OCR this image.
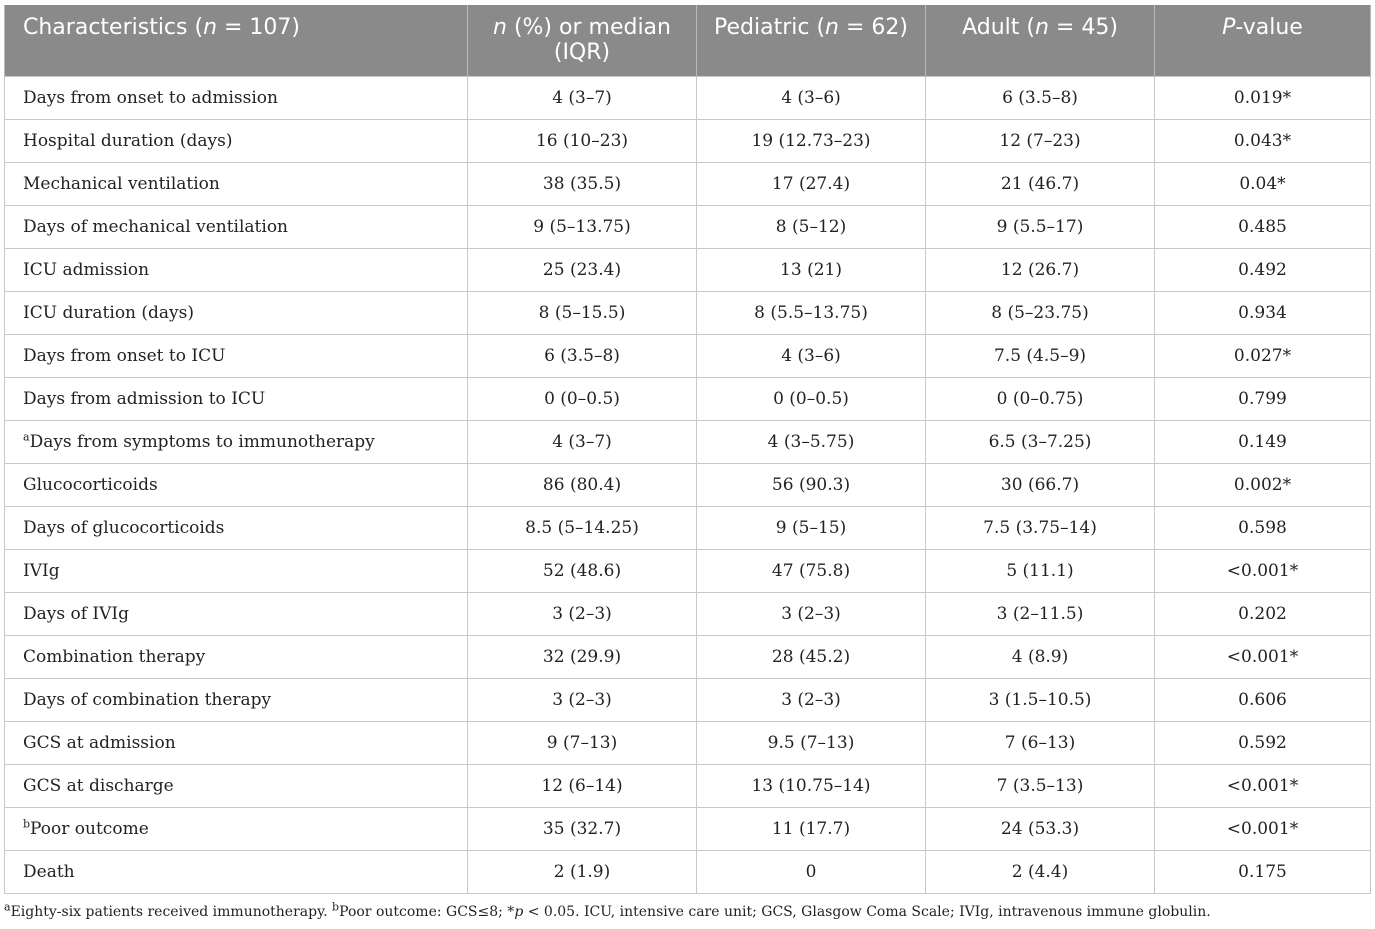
Characteristics (n = 107)	n (%) or median (IQR)	Pediatric (n = 62)	Adult (n = 45)	P-value
Days from onset to admission	4 (3–7)	4 (3–6)	6 (3.5–8)	0.019*
Hospital duration (days)	16 (10–23)	19 (12.73–23)	12 (7–23)	0.043*
Mechanical ventilation	38 (35.5)	17 (27.4)	21 (46.7)	0.04*
Days of mechanical ventilation	9 (5–13.75)	8 (5–12)	9 (5.5–17)	0.485
ICU admission	25 (23.4)	13 (21)	12 (26.7)	0.492
ICU duration (days)	8 (5–15.5)	8 (5.5–13.75)	8 (5–23.75)	0.934
Days from onset to ICU	6 (3.5–8)	4 (3–6)	7.5 (4.5–9)	0.027*
Days from admission to ICU	0 (0–0.5)	0 (0–0.5)	0 (0–0.75)	0.799
$^a$Days from symptoms to immunotherapy	4 (3–7)	4 (3–5.75)	6.5 (3–7.25)	0.149
Glucocorticoids	86 (80.4)	56 (90.3)	30 (66.7)	0.002*
Days of glucocorticoids	8.5 (5–14.25)	9 (5–15)	7.5 (3.75–14)	0.598
IVIg	52 (48.6)	47 (75.8)	5 (11.1)	<0.001*
Days of IVIg	3 (2–3)	3 (2–3)	3 (2–11.5)	0.202
Combination therapy	32 (29.9)	28 (45.2)	4 (8.9)	<0.001*
Days of combination therapy	3 (2–3)	3 (2–3)	3 (1.5–10.5)	0.606
GCS at admission	9 (7–13)	9.5 (7–13)	7 (6–13)	0.592
GCS at discharge	12 (6–14)	13 (10.75–14)	7 (3.5–13)	<0.001*
$^b$Poor outcome	35 (32.7)	11 (17.7)	24 (53.3)	<0.001*
Death	2 (1.9)	0	2 (4.4)	0.175
$^a$Eighty-six patients received immunotherapy. $^b$Poor outcome: GCS≤8; *p < 0.05. ICU, intensive care unit; GCS, Glasgow Coma Scale; IVIg, intravenous immune globulin.
